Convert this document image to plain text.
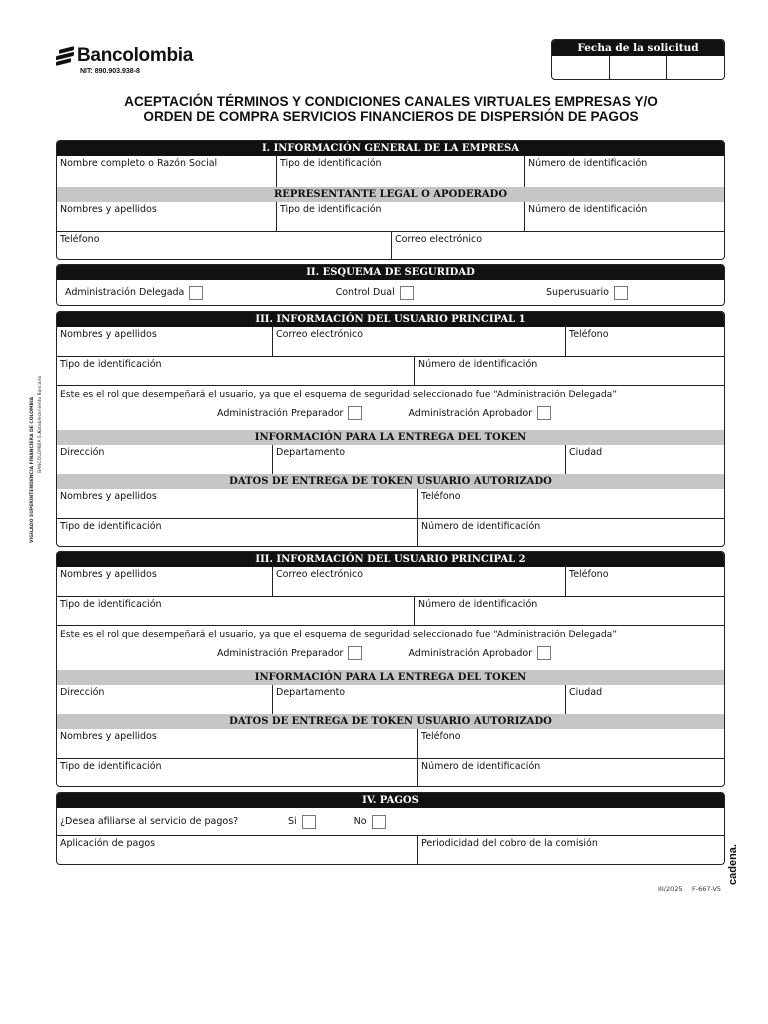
Bancolombia
NIT: 890.903.938-8
Fecha de la solicitud
ACEPTACIÓN TÉRMINOS Y CONDICIONES CANALES VIRTUALES EMPRESAS Y/O
ORDEN DE COMPRA SERVICIOS FINANCIEROS DE DISPERSIÓN DE PAGOS
I. INFORMACIÓN GENERAL DE LA EMPRESA
Nombre completo o Razón Social	Tipo de identificación	Número de identificación
REPRESENTANTE LEGAL O APODERADO
Nombres y apellidos	Tipo de identificación	Número de identificación
Teléfono	Correo electrónico
II. ESQUEMA DE SEGURIDAD
Administración Delegada	Control Dual	Superusuario
III. INFORMACIÓN DEL USUARIO PRINCIPAL 1
Nombres y apellidos	Correo electrónico	Teléfono
Tipo de identificación	Número de identificación
Este es el rol que desempeñará el usuario, ya que el esquema de seguridad seleccionado fue “Administración Delegada”
Administración Preparador	Administración Aprobador
INFORMACIÓN PARA LA ENTREGA DEL TOKEN
Dirección	Departamento	Ciudad
DATOS DE ENTREGA DE TOKEN USUARIO AUTORIZADO
Nombres y apellidos	Teléfono
Tipo de identificación	Número de identificación
III. INFORMACIÓN DEL USUARIO PRINCIPAL 2
Nombres y apellidos	Correo electrónico	Teléfono
Tipo de identificación	Número de identificación
Este es el rol que desempeñará el usuario, ya que el esquema de seguridad seleccionado fue “Administración Delegada”
Administración Preparador	Administración Aprobador
INFORMACIÓN PARA LA ENTREGA DEL TOKEN
Dirección	Departamento	Ciudad
DATOS DE ENTREGA DE TOKEN USUARIO AUTORIZADO
Nombres y apellidos	Teléfono
Tipo de identificación	Número de identificación
IV. PAGOS
¿Desea afiliarse al servicio de pagos?	Si	No
Aplicación de pagos	Periodicidad del cobro de la comisión
VIGILADO SUPERINTENDENCIA FINANCIERA DE COLOMBIA BANCOLOMBIA S.A.
Establecimiento Bancario
III/2025 F-667-V5
cadena.
